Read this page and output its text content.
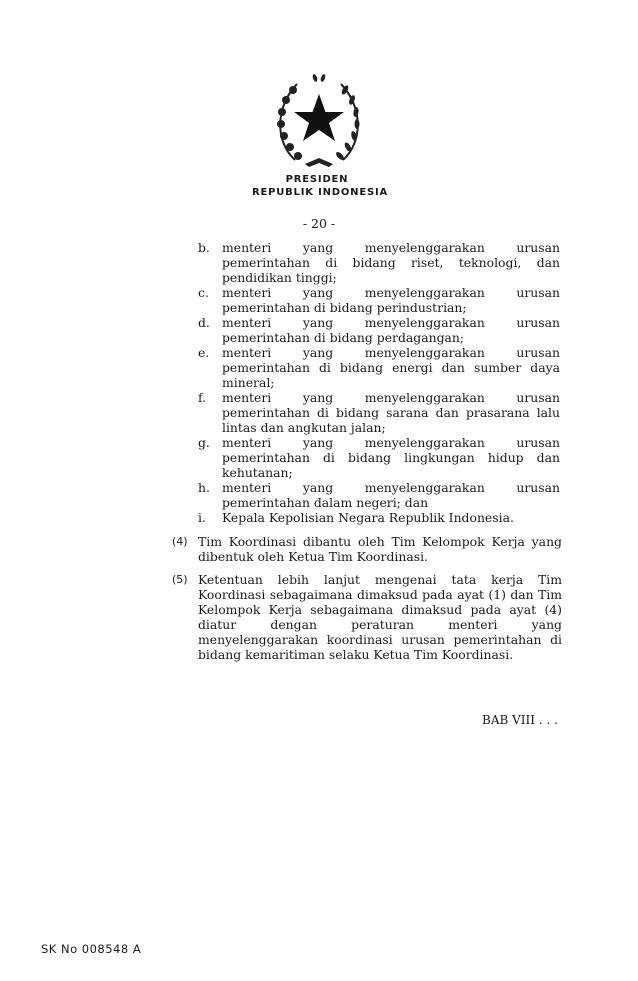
PRESIDEN
REPUBLIK INDONESIA
- 20 -
b. menteri	yang	menyelenggarakan	urusan
pemerintahan di bidang riset, teknologi, dan pendidikan tinggi;
c.	menteri	yang	menyelenggarakan	urusan
pemerintahan di bidang perindustrian;
d. menteri	yang	menyelenggarakan	urusan
pemerintahan di bidang perdagangan;
e.	menteri	yang	menyelenggarakan	urusan
pemerintahan di bidang energi dan sumber daya mineral;
f.	menteri	yang	menyelenggarakan	urusan
pemerintahan di bidang sarana dan prasarana lalu lintas dan angkutan jalan;
g. menteri	yang	menyelenggarakan	urusan
pemerintahan di bidang lingkungan hidup dan kehutanan;
h. menteri	yang	menyelenggarakan	urusan
pemerintahan dalam negeri; dan
i.	Kepala Kepolisian Negara Republik Indonesia.
(4) Tim Koordinasi dibantu oleh Tim Kelompok Kerja yang dibentuk oleh Ketua Tim Koordinasi.
(5) Ketentuan lebih lanjut mengenai tata kerja Tim Koordinasi sebagaimana dimaksud pada ayat (1) dan Tim Kelompok Kerja sebagaimana dimaksud pada ayat (4) diatur dengan peraturan menteri yang menyelenggarakan koordinasi urusan pemerintahan di bidang kemaritiman selaku Ketua Tim Koordinasi.
BAB VIII . . .
SK No 008548 A
